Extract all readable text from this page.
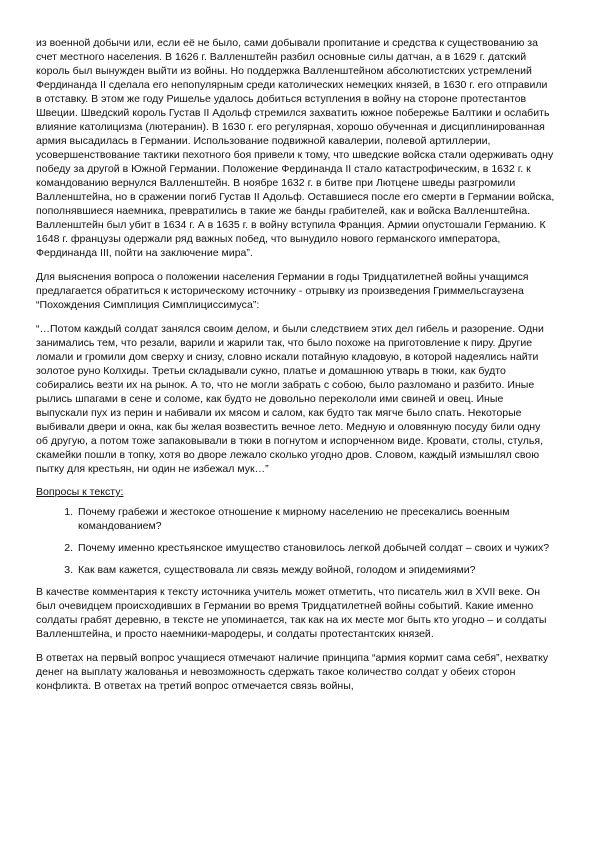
из военной добычи или, если её не было, сами добывали пропитание и средства к существованию за счет местного населения. В 1626 г. Валленштейн разбил основные силы датчан, а в 1629 г. датский король был вынужден выйти из войны. Но поддержка Валленштейном абсолютистских устремлений Фердинанда II сделала его непопулярным среди католических немецких князей, в 1630 г. его отправили в отставку. В этом же году Ришелье удалось добиться вступления в войну на стороне протестантов Швеции. Шведский король Густав II Адольф стремился захватить южное побережье Балтики и ослабить влияние католицизма (лютеранин). В 1630 г. его регулярная, хорошо обученная и дисциплинированная армия высадилась в Германии. Использование подвижной кавалерии, полевой артиллерии, усовершенствование тактики пехотного боя привели к тому, что шведские войска стали одерживать одну победу за другой в Южной Германии. Положение Фердинанда II стало катастрофическим, в 1632 г. к командованию вернулся Валленштейн. В ноябре 1632 г. в битве при Лютцене шведы разгромили Валленштейна, но в сражении погиб Густав II Адольф. Оставшиеся после его смерти в Германии войска, пополнявшиеся наемника, превратились в такие же банды грабителей, как и войска Валленштейна. Валленштейн был убит в 1634 г. А в 1635 г. в войну вступила Франция. Армии опустошали Германию. К 1648 г. французы одержали ряд важных побед, что вынудило нового германского императора, Фердинанда III, пойти на заключение мира”.

Для выяснения вопроса о положении населения Германии в годы Тридцатилетней войны учащимся предлагается обратиться к историческому источнику - отрывку из произведения Гриммельсгаузена “Похождения Симплиция Симплициссимуса”:

“…Потом каждый солдат занялся своим делом, и были следствием этих дел гибель и разорение. Одни занимались тем, что резали, варили и жарили так, что было похоже на приготовление к пиру. Другие ломали и громили дом сверху и снизу, словно искали потайную кладовую, в которой надеялись найти золотое руно Колхиды. Третьи складывали сукно, платье и домашнюю утварь в тюки, как будто собирались везти их на рынок. А то, что не могли забрать с собою, было разломано и разбито. Иные рылись шпагами в сене и соломе, как будто не довольно перекололи ими свиней и овец. Иные выпускали пух из перин и набивали их мясом и салом, как будто так мягче было спать. Некоторые выбивали двери и окна, как бы желая возвестить вечное лето. Медную и оловянную посуду били одну об другую, а потом тоже запаковывали в тюки в погнутом и испорченном виде. Кровати, столы, стулья, скамейки пошли в топку, хотя во дворе лежало сколько угодно дров. Словом, каждый измышлял свою пытку для крестьян, ни один не избежал мук…”

Вопросы к тексту:

1. Почему грабежи и жестокое отношение к мирному населению не пресекались военным командованием?
2. Почему именно крестьянское имущество становилось легкой добычей солдат – своих и чужих?
3. Как вам кажется, существовала ли связь между войной, голодом и эпидемиями?

В качестве комментария к тексту источника учитель может отметить, что писатель жил в XVII веке. Он был очевидцем происходивших в Германии во время Тридцатилетней войны событий. Какие именно солдаты грабят деревню, в тексте не упоминается, так как на их месте мог быть кто угодно – и солдаты Валленштейна, и просто наемники-мародеры, и солдаты протестантских князей.

В ответах на первый вопрос учащиеся отмечают наличие принципа “армия кормит сама себя”, нехватку денег на выплату жалованья и невозможность сдержать такое количество солдат у обеих сторон конфликта. В ответах на третий вопрос отмечается связь войны,
